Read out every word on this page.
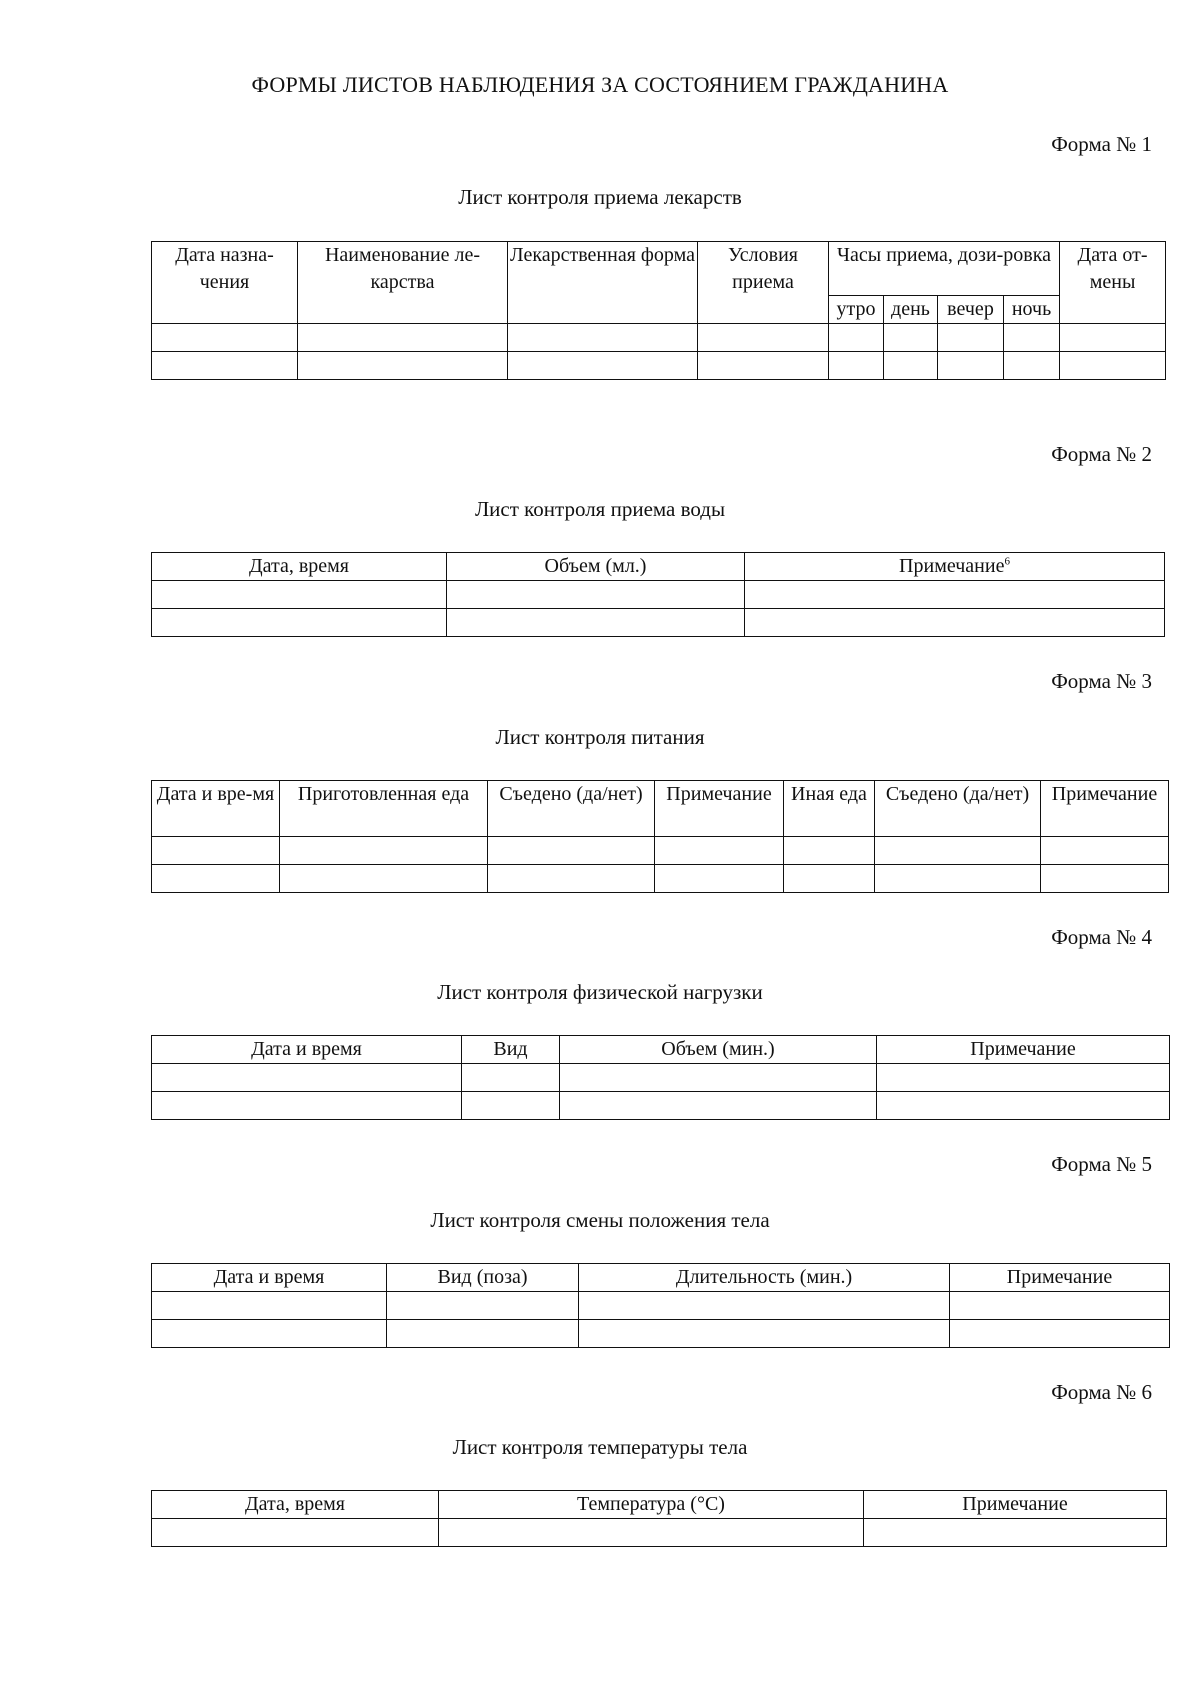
ФОРМЫ ЛИСТОВ НАБЛЮДЕНИЯ ЗА СОСТОЯНИЕМ ГРАЖДАНИНА
Форма № 1
Лист контроля приема лекарств
Дата назна-чения	Наименование ле-карства	Лекарственная форма	Условия приема	Часы приема, дози-ровка				Дата от-мены
				утро	день	вечер	ночь	

Форма № 2
Лист контроля приема воды
Дата, время	Объем (мл.)	Примечание$^6$

Форма № 3
Лист контроля питания
Дата и вре-мя	Приготовленная еда	Съедено (да/нет)	Примечание	Иная еда	Съедено (да/нет)	Примечание

Форма № 4
Лист контроля физической нагрузки
Дата и время	Вид	Объем (мин.)	Примечание

Форма № 5
Лист контроля смены положения тела
Дата и время	Вид (поза)	Длительность (мин.)	Примечание

Форма № 6
Лист контроля температуры тела
Дата, время	Температура (°C)	Примечание
